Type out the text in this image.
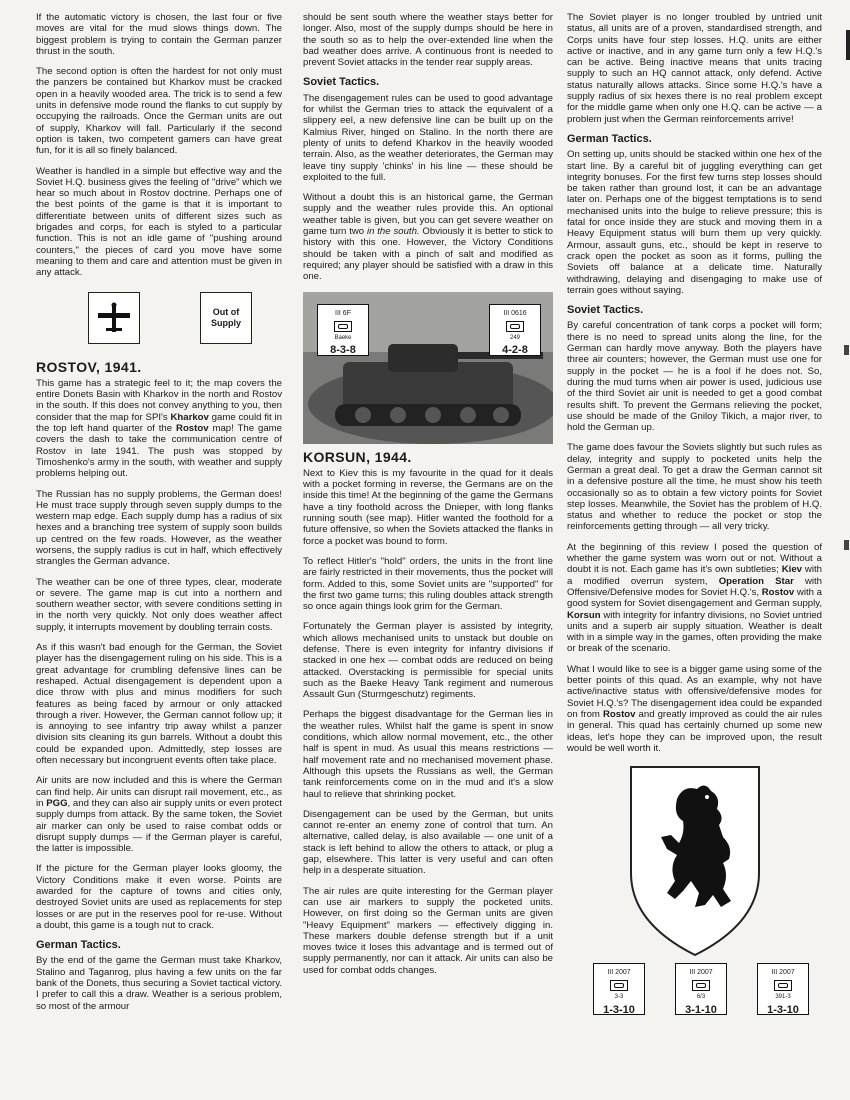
If the automatic victory is chosen, the last four or five moves are vital for the mud slows things down. The biggest problem is trying to contain the German panzer thrust in the south.

The second option is often the hardest for not only must the panzers be contained but Kharkov must be cracked open in a heavily wooded area. The trick is to send a few units in defensive mode round the flanks to cut supply by occupying the railroads. Once the German units are out of supply, Kharkov will fall. Particularly if the second option is taken, two competent gamers can have great fun, for it is all so finely balanced.

Weather is handled in a simple but effective way and the Soviet H.Q. business gives the feeling of "drive" which we hear so much about in Rostov doctrine. Perhaps one of the best points of the game is that it is important to differentiate between units of different sizes such as brigades and corps, for each is styled to a particular function. This is not an idle game of "pushing around counters," the pieces of card you move have some meaning to them and care and attention must be given in any attack.

Out of Supply
ROSTOV, 1941.

This game has a strategic feel to it; the map covers the entire Donets Basin with Kharkov in the north and Rostov in the south. If this does not convey anything to you, then consider that the map for SPI's Kharkov game could fit in the top left hand quarter of the Rostov map! The game covers the dash to take the communication centre of Rostov in late 1941. The push was stopped by Timoshenko's army in the south, with weather and supply problems helping out.

The Russian has no supply problems, the German does! He must trace supply through seven supply dumps to the western map edge. Each supply dump has a radius of six hexes and a branching tree system of supply soon builds up centred on the few roads. However, as the weather worsens, the supply radius is cut in half, which effectively strangles the German advance.

The weather can be one of three types, clear, moderate or severe. The game map is cut into a northern and southern weather sector, with severe conditions setting in in the north very quickly. Not only does weather affect supply, it interrupts movement by doubling terrain costs.

As if this wasn't bad enough for the German, the Soviet player has the disengagement ruling on his side. This is a great advantage for crumbling defensive lines can be reshaped. Actual disengagement is dependent upon a dice throw with plus and minus modifiers for such features as being faced by armour or only attacked through a river. However, the German cannot follow up; it is annoying to see infantry trip away whilst a panzer division sits cleaning its gun barrels. Without a doubt this could be expanded upon. Admittedly, step losses are often necessary but incongruent events often take place.

Air units are now included and this is where the German can find help. Air units can disrupt rail movement, etc., as in PGG, and they can also air supply units or even protect supply dumps from attack. By the same token, the Soviet air marker can only be used to raise combat odds or disrupt supply dumps — if the German player is careful, the latter is impossible.

If the picture for the German player looks gloomy, the Victory Conditions make it even worse. Points are awarded for the capture of towns and cities only, destroyed Soviet units are used as replacements for step losses or are put in the reserves pool for re-use. Without a doubt, this game is a tough nut to crack.

German Tactics.

By the end of the game the German must take Kharkov, Stalino and Taganrog, plus having a few units on the far bank of the Donets, thus securing a Soviet tactical victory. I prefer to call this a draw. Weather is a serious problem, so most of the armour

should be sent south where the weather stays better for longer. Also, most of the supply dumps should be here in the south so as to help the over-extended line when the bad weather does arrive. A continuous front is needed to prevent Soviet attacks in the tender rear supply areas.

Soviet Tactics.

The disengagement rules can be used to good advantage for whilst the German tries to attack the equivalent of a slippery eel, a new defensive line can be built up on the Kalmius River, hinged on Stalino. In the north there are plenty of units to defend Kharkov in the heavily wooded terrain. Also, as the weather deteriorates, the German may leave tiny supply 'chinks' in his line — these should be exploited to the full.

Without a doubt this is an historical game, the German supply and the weather rules provide this. An optional weather table is given, but you can get severe weather on game turn two in the south. Obviously it is better to stick to history with this one. However, the Victory Conditions should be taken with a pinch of salt and modified as required; any player should be satisfied with a draw in this one.

III 6F
Baeke
8-3-8
III 0616
249
4-2-8
KORSUN, 1944.

Next to Kiev this is my favourite in the quad for it deals with a pocket forming in reverse, the Germans are on the inside this time! At the beginning of the game the Germans have a tiny foothold across the Dnieper, with long flanks running south (see map). Hitler wanted the foothold for a future offensive, so when the Soviets attacked the flanks in force a pocket was bound to form.

To reflect Hitler's "hold" orders, the units in the front line are fairly restricted in their movements, thus the pocket will form. Added to this, some Soviet units are "supported" for the first two game turns; this ruling doubles attack strength so once again things look grim for the German.

Fortunately the German player is assisted by integrity, which allows mechanised units to unstack but double on defense. There is even integrity for infantry divisions if stacked in one hex — combat odds are reduced on being attacked. Overstacking is permissible for special units such as the Baeke Heavy Tank regiment and numerous Assault Gun (Sturmgeschutz) regiments.

Perhaps the biggest disadvantage for the German lies in the weather rules. Whilst half the game is spent in snow conditions, which allow normal movement, etc., the other half is spent in mud. As usual this means restrictions — half movement rate and no mechanised movement phase. Although this upsets the Russians as well, the German tank reinforcements come on in the mud and it's a slow haul to relieve that shrinking pocket.

Disengagement can be used by the German, but units cannot re-enter an enemy zone of control that turn. An alternative, called delay, is also available — one unit of a stack is left behind to allow the others to attack, or plug a gap, elsewhere. This latter is very useful and can often help in a desperate situation.

The air rules are quite interesting for the German player can use air markers to supply the pocketed units. However, on first doing so the German units are given "Heavy Equipment" markers — effectively digging in. These markers double defense strength but if a unit moves twice it loses this advantage and is termed out of supply permanently, nor can it attack. Air units can also be used for combat odds changes.

The Soviet player is no longer troubled by untried unit status, all units are of a proven, standardised strength, and Corps units have four step losses. H.Q. units are either active or inactive, and in any game turn only a few H.Q.'s can be active. Being inactive means that units tracing supply to such an HQ cannot attack, only defend. Active status naturally allows attacks. Since some H.Q.'s have a supply radius of six hexes there is no real problem except for the middle game when only one H.Q. can be active — a problem just when the German reinforcements arrive!

German Tactics.

On setting up, units should be stacked within one hex of the start line. By a careful bit of juggling everything can get integrity bonuses. For the first few turns step losses should be taken rather than ground lost, it can be an advantage later on. Perhaps one of the biggest temptations is to send mechanised units into the bulge to relieve pressure; this is fatal for once inside they are stuck and moving them in a Heavy Equipment status will burn them up very quickly. Armour, assault guns, etc., should be kept in reserve to crack open the pocket as soon as it forms, pulling the Soviets off balance at a delicate time. Naturally withdrawing, delaying and disengaging to make use of terrain goes without saying.

Soviet Tactics.

By careful concentration of tank corps a pocket will form; there is no need to spread units along the line, for the German can hardly move anyway. Both the players have three air counters; however, the German must use one for supply in the pocket — he is a fool if he does not. So, during the mud turns when air power is used, judicious use of the third Soviet air unit is needed to get a good combat results shift. To prevent the Germans relieving the pocket, use should be made of the Gniloy Tikich, a major river, to hold the German up.

The game does favour the Soviets slightly but such rules as delay, integrity and supply to pocketed units help the German a great deal. To get a draw the German cannot sit in a defensive posture all the time, he must show his teeth occasionally so as to obtain a few victory points for Soviet step losses. Meanwhile, the Soviet has the problem of H.Q. status and whether to reduce the pocket or stop the reinforcements getting through — all very tricky.

At the beginning of this review I posed the question of whether the game system was worn out or not. Without a doubt it is not. Each game has it's own subtleties; Kiev with a modified overrun system, Operation Star with Offensive/Defensive modes for Soviet H.Q.'s, Rostov with a good system for Soviet disengagement and German supply, Korsun with integrity for infantry divisions, no Soviet untried units and a superb air supply situation. Weather is dealt with in a simple way in the games, often providing the make or break of the scenario.

What I would like to see is a bigger game using some of the better points of this quad. As an example, why not have active/inactive status with offensive/defensive modes for Soviet H.Q.'s? The disengagement idea could be expanded on from Rostov and greatly improved as could the air rules in general. This quad has certainly churned up some new ideas, let's hope they can be improved upon, the result would be well worth it.

III 2007
3-3
1-3-10
III 2007
6/3
3-1-10
III 2007
391-3
1-3-10
